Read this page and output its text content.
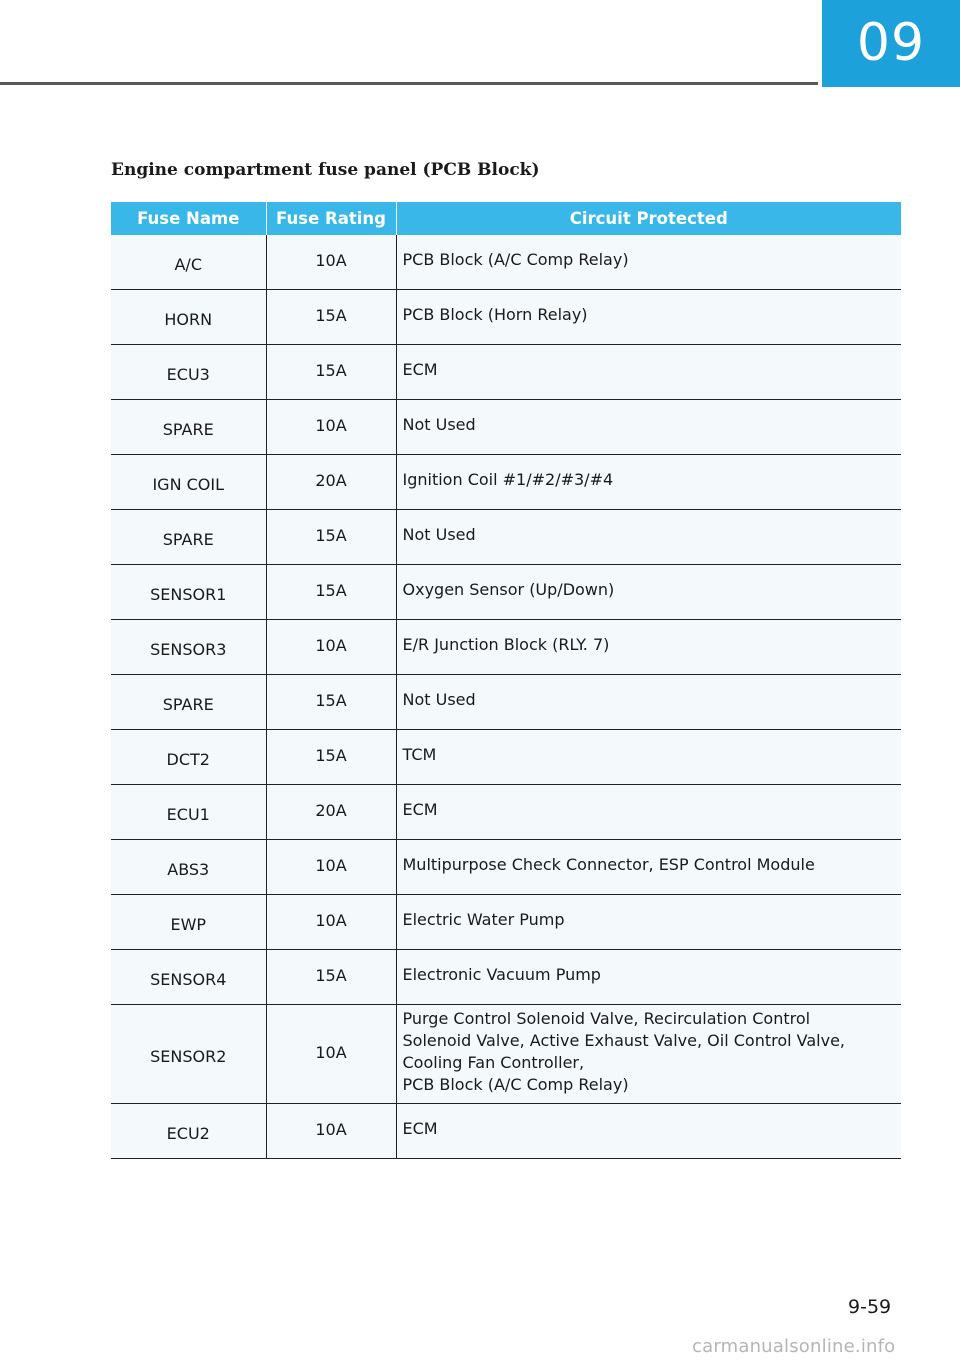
09
Engine compartment fuse panel (PCB Block)
Fuse Name	Fuse Rating	Circuit Protected
A/C	10A	PCB Block (A/C Comp Relay)
HORN	15A	PCB Block (Horn Relay)
ECU3	15A	ECM
SPARE	10A	Not Used
IGN COIL	20A	Ignition Coil #1/#2/#3/#4
SPARE	15A	Not Used
SENSOR1	15A	Oxygen Sensor (Up/Down)
SENSOR3	10A	E/R Junction Block (RLY. 7)
SPARE	15A	Not Used
DCT2	15A	TCM
ECU1	20A	ECM
ABS3	10A	Multipurpose Check Connector, ESP Control Module
EWP	10A	Electric Water Pump
SENSOR4	15A	Electronic Vacuum Pump
SENSOR2	10A	Purge Control Solenoid Valve, Recirculation Control
Solenoid Valve, Active Exhaust Valve, Oil Control Valve,
Cooling Fan Controller,
PCB Block (A/C Comp Relay)

ECU2	10A	ECM
9-59
carmanualsonline.info
